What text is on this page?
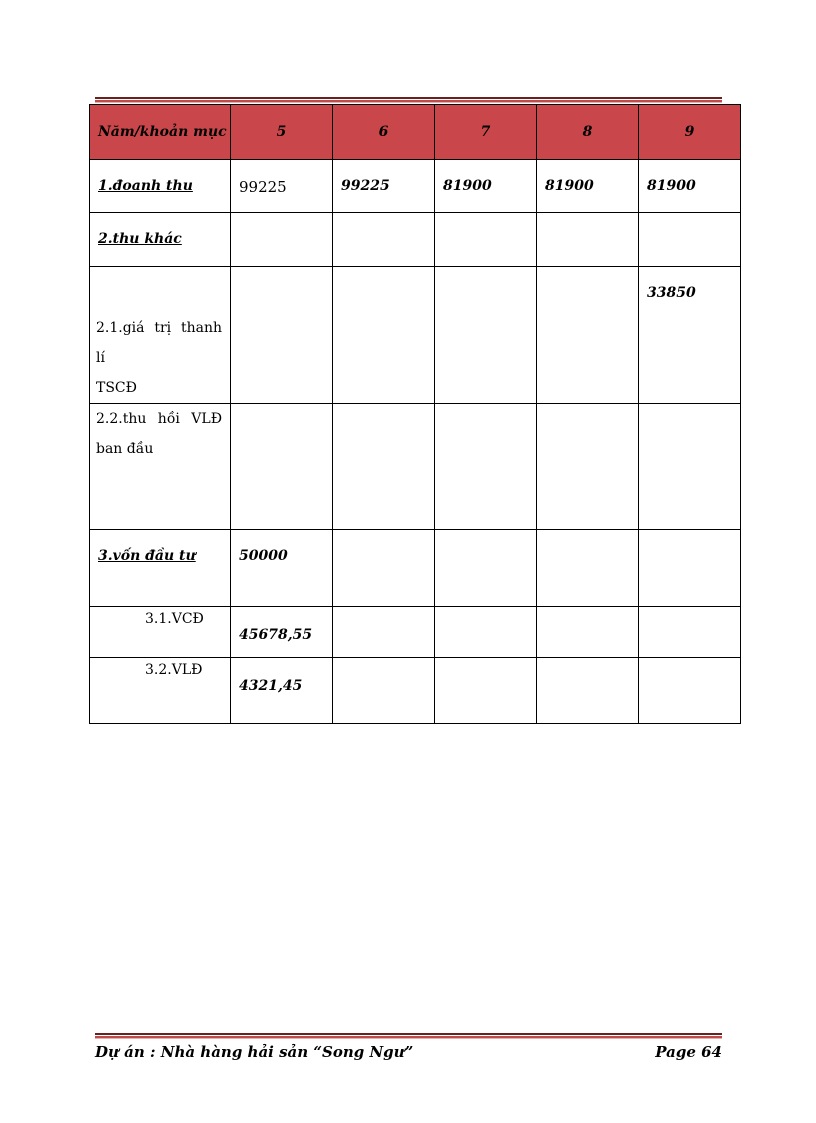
Năm/khoản mục	5	6	7	8	9

1.đoanh thu	99225	99225	81900	81900	81900

2.thu khác					

2.1.giá trị thanh lí
TSCĐ					33850

2.2.thu hồi VLĐ
ban đầu					

3.vốn đầu tư	50000				

3.1.VCĐ	45678,55				

3.2.VLĐ	4321,45				

Dự án : Nhà hàng hải sản “Song Ngư”	Page 64
